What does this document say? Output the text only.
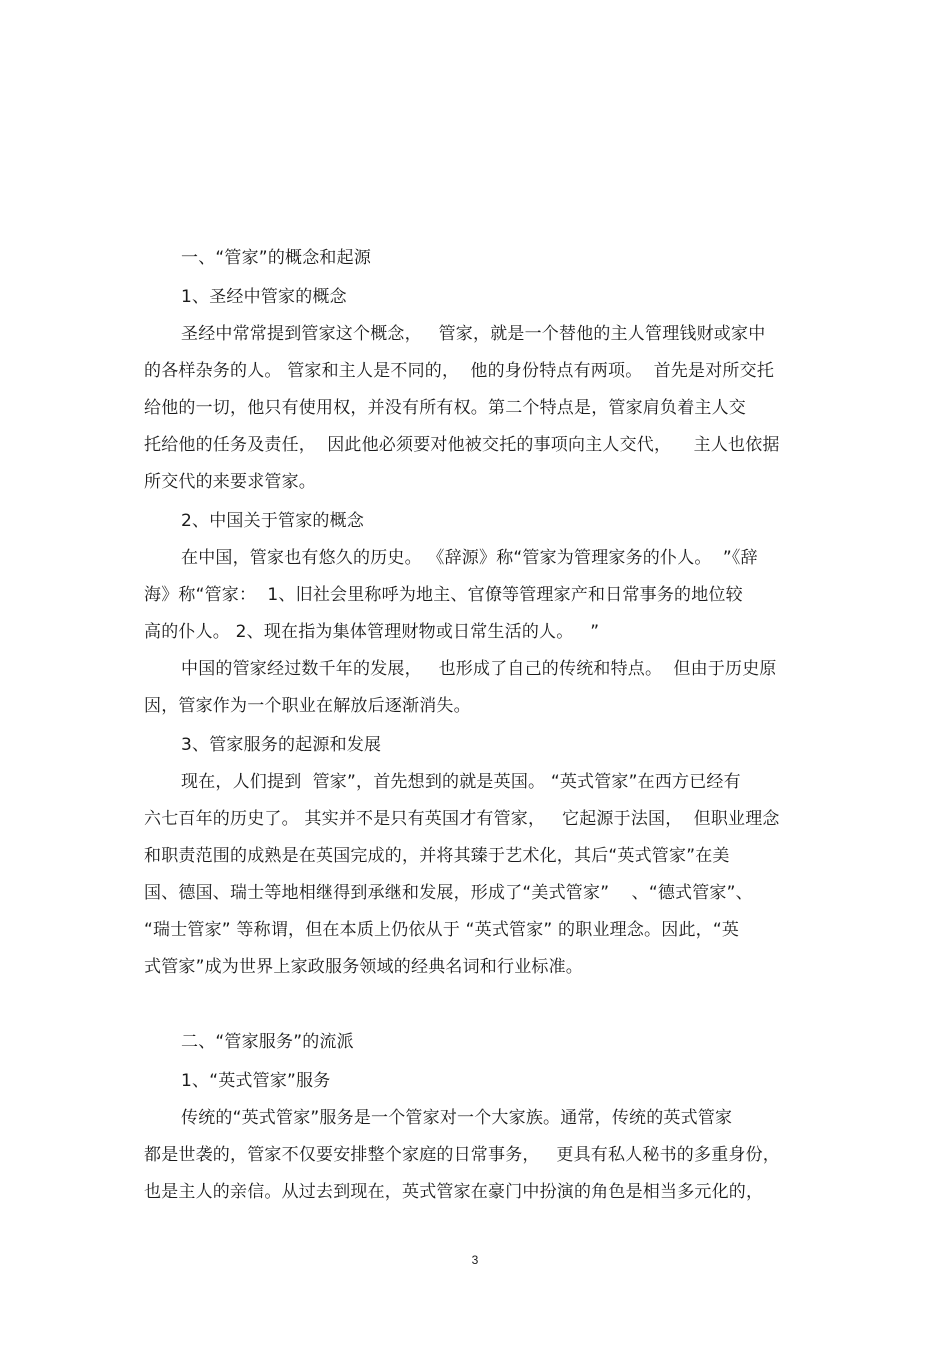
一、“管家”的概念和起源
1、圣经中管家的概念
圣经中常常提到管家这个概念，   管家，就是一个替他的主人管理钱财或家中
的各样杂务的人。 管家和主人是不同的，  他的身份特点有两项。  首先是对所交托
给他的一切，他只有使用权，并没有所有权。第二个特点是，管家肩负着主人交
托给他的任务及责任，  因此他必须要对他被交托的事项向主人交代，    主人也依据
所交代的来要求管家。
2、中国关于管家的概念
在中国，管家也有悠久的历史。 《辞源》称“管家为管理家务的仆人。  ”《辞
海》称“管家：  1、旧社会里称呼为地主、官僚等管理家产和日常事务的地位较
高的仆人。 2、现在指为集体管理财物或日常生活的人。   ”
中国的管家经过数千年的发展，   也形成了自己的传统和特点。  但由于历史原
因，管家作为一个职业在解放后逐渐消失。
3、管家服务的起源和发展
现在，人们提到  管家”，首先想到的就是英国。 “英式管家”在西方已经有
六七百年的历史了。 其实并不是只有英国才有管家，   它起源于法国，  但职业理念
和职责范围的成熟是在英国完成的，并将其臻于艺术化，其后“英式管家”在美
国、德国、瑞士等地相继得到承继和发展，形成了“美式管家”    、“德式管家”、
“瑞士管家” 等称谓，但在本质上仍依从于 “英式管家” 的职业理念。因此，“英
式管家”成为世界上家政服务领域的经典名词和行业标准。
二、“管家服务”的流派
1、“英式管家”服务
传统的“英式管家”服务是一个管家对一个大家族。通常，传统的英式管家
都是世袭的，管家不仅要安排整个家庭的日常事务，   更具有私人秘书的多重身份，
也是主人的亲信。从过去到现在，英式管家在豪门中扮演的角色是相当多元化的，
3
